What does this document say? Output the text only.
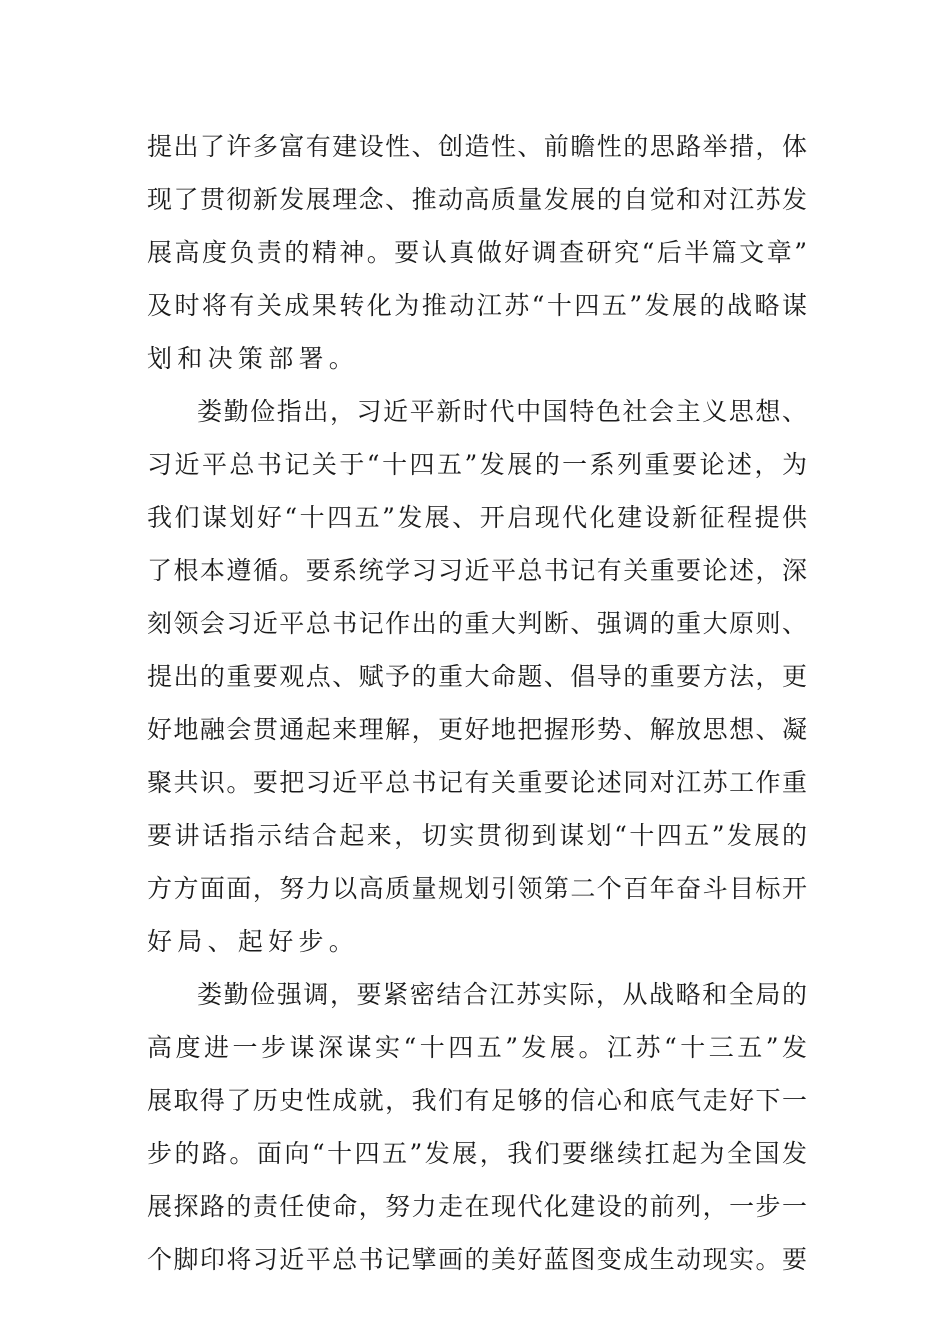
提出了许多富有建设性、创造性、前瞻性的思路举措，体
现了贯彻新发展理念、推动高质量发展的自觉和对江苏发
展高度负责的精神。要认真做好调查研究“后半篇文章”
及时将有关成果转化为推动江苏“十四五”发展的战略谋
划和决策部署。
娄勤俭指出，习近平新时代中国特色社会主义思想、
习近平总书记关于“十四五”发展的一系列重要论述，为
我们谋划好“十四五”发展、开启现代化建设新征程提供
了根本遵循。要系统学习习近平总书记有关重要论述，深
刻领会习近平总书记作出的重大判断、强调的重大原则、
提出的重要观点、赋予的重大命题、倡导的重要方法，更
好地融会贯通起来理解，更好地把握形势、解放思想、凝
聚共识。要把习近平总书记有关重要论述同对江苏工作重
要讲话指示结合起来，切实贯彻到谋划“十四五”发展的
方方面面，努力以高质量规划引领第二个百年奋斗目标开
好局、起好步。
娄勤俭强调，要紧密结合江苏实际，从战略和全局的
高度进一步谋深谋实“十四五”发展。江苏“十三五”发
展取得了历史性成就，我们有足够的信心和底气走好下一
步的路。面向“十四五”发展，我们要继续扛起为全国发
展探路的责任使命，努力走在现代化建设的前列，一步一
个脚印将习近平总书记擘画的美好蓝图变成生动现实。要
